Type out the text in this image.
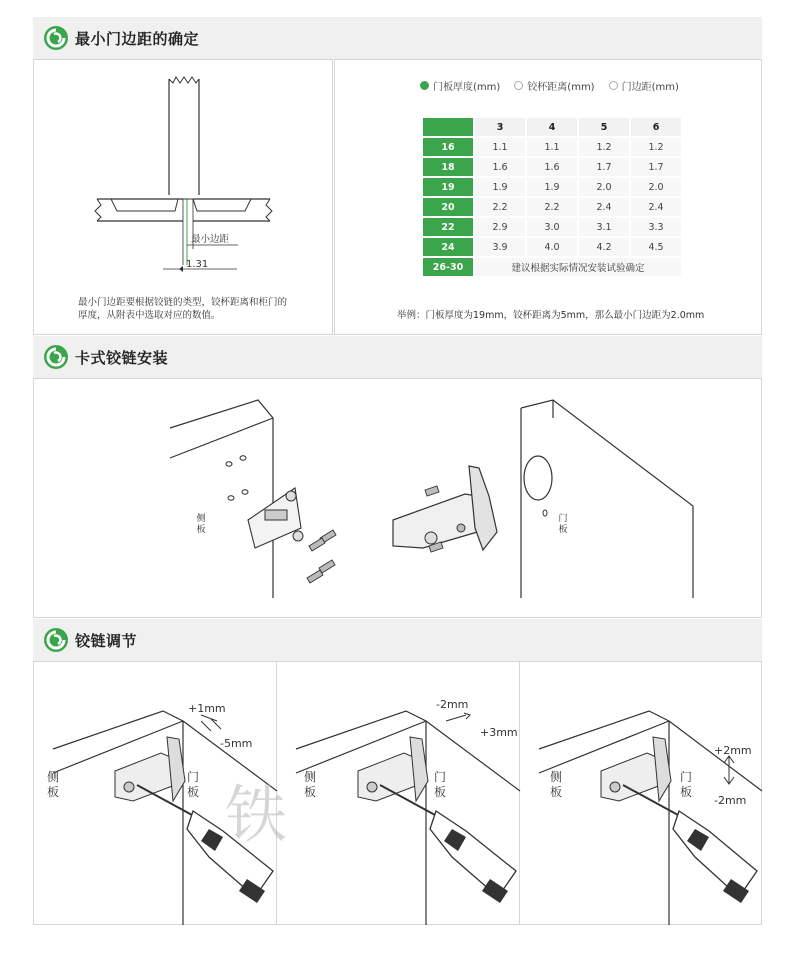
最小门边距的确定
最小边距
1.31
最小门边距要根据铰链的类型，铰杯距离和柜门的
厚度，从附表中选取对应的数值。
门板厚度(mm)	铰杯距离(mm)	门边距(mm)
	3	4	5	6
16	1.1	1.1	1.2	1.2
18	1.6	1.6	1.7	1.7
19	1.9	1.9	2.0	2.0
20	2.2	2.2	2.4	2.4
22	2.9	3.0	3.1	3.3
24	3.9	4.0	4.2	4.5
26-30	建议根据实际情况安装试验确定			
举例：门板厚度为19mm，铰杯距离为5mm，那么最小门边距为2.0mm
卡式铰链安装
侧板
门板
铰链调节
+1mm
-5mm
侧板
门板 铁
-2mm
+3mm
侧板
门板
+2mm
-2mm
侧板
门板
